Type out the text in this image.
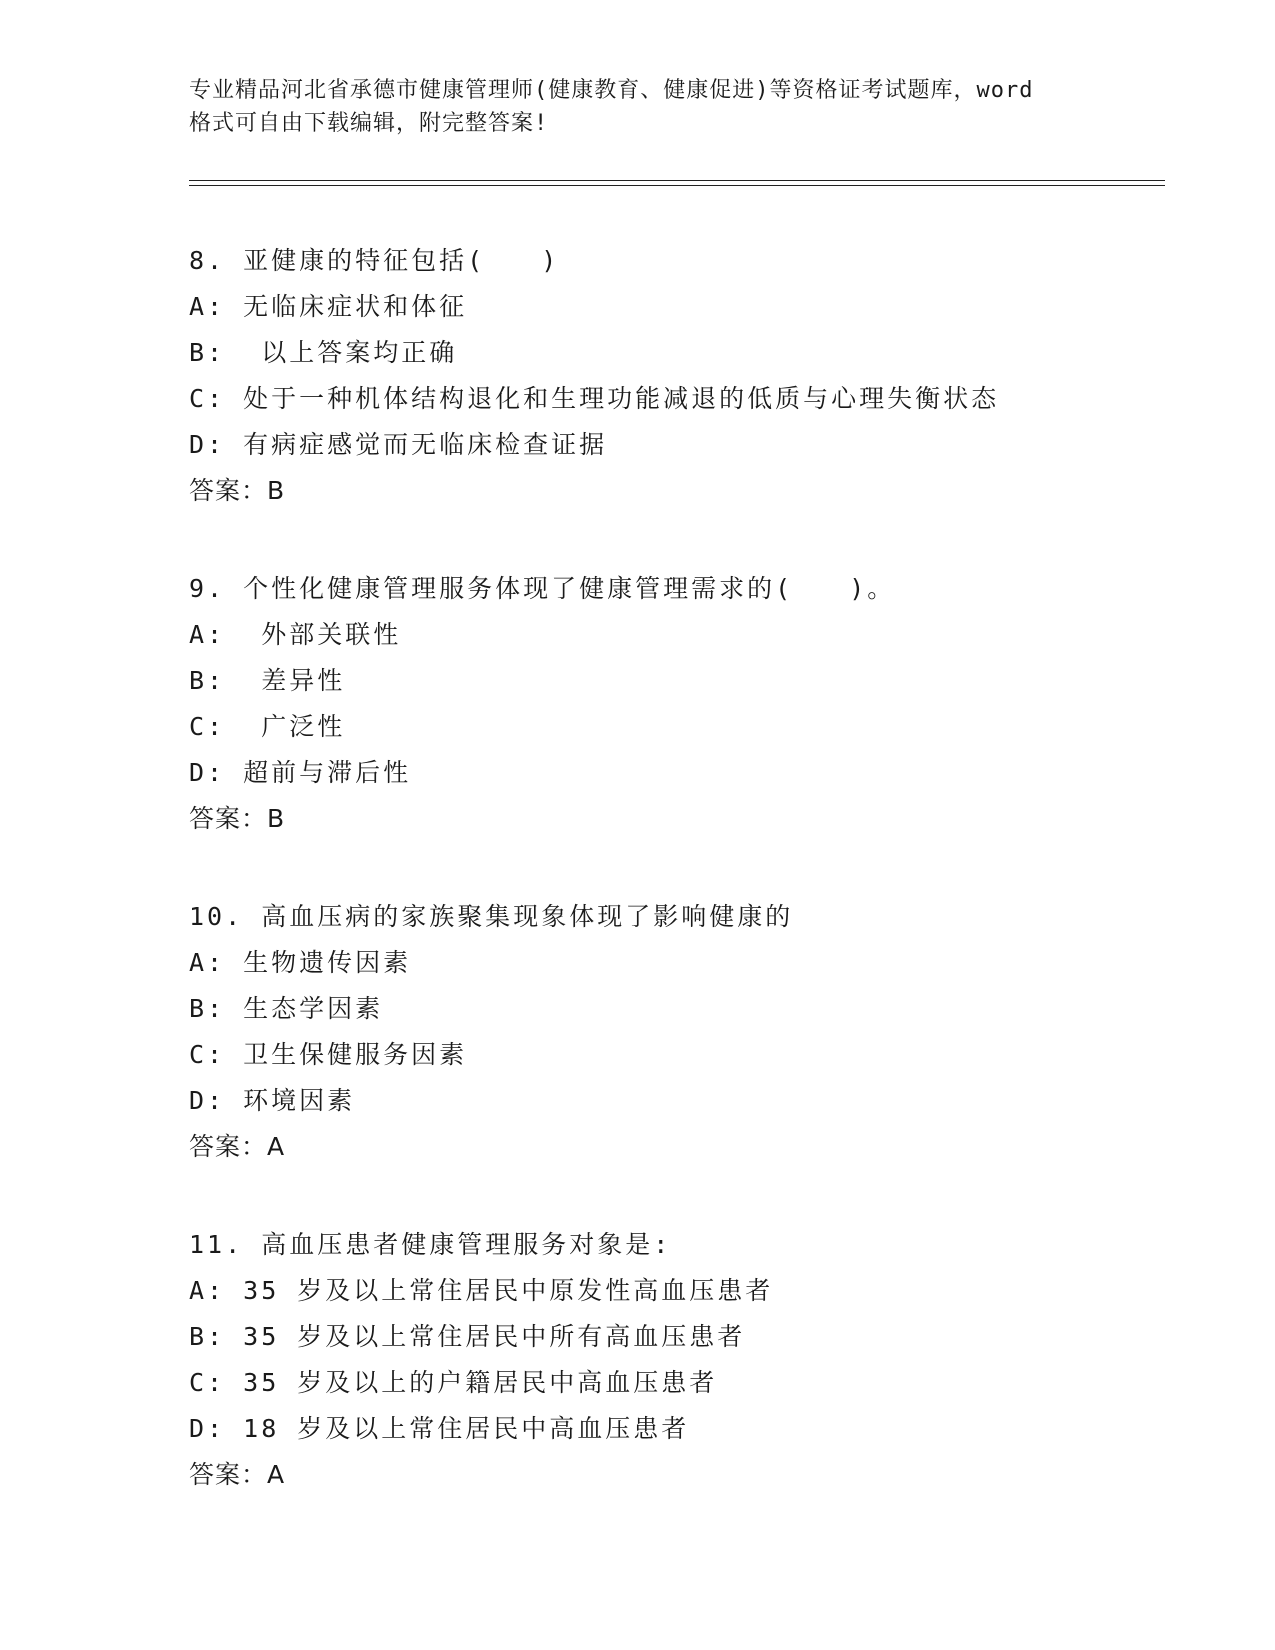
专业精品河北省承德市健康管理师(健康教育、健康促进)等资格证考试题库，word
格式可自由下载编辑，附完整答案!
8. 亚健康的特征包括(　　)
A: 无临床症状和体征
B:  以上答案均正确
C: 处于一种机体结构退化和生理功能减退的低质与心理失衡状态
D: 有病症感觉而无临床检查证据
答案：B
9. 个性化健康管理服务体现了健康管理需求的(　　)。
A:  外部关联性
B:  差异性
C:  广泛性
D: 超前与滞后性
答案：B
10. 高血压病的家族聚集现象体现了影响健康的
A: 生物遗传因素
B: 生态学因素
C: 卫生保健服务因素
D: 环境因素
答案：A
11. 高血压患者健康管理服务对象是:
A: 35 岁及以上常住居民中原发性高血压患者
B: 35 岁及以上常住居民中所有高血压患者
C: 35 岁及以上的户籍居民中高血压患者
D: 18 岁及以上常住居民中高血压患者
答案：A
